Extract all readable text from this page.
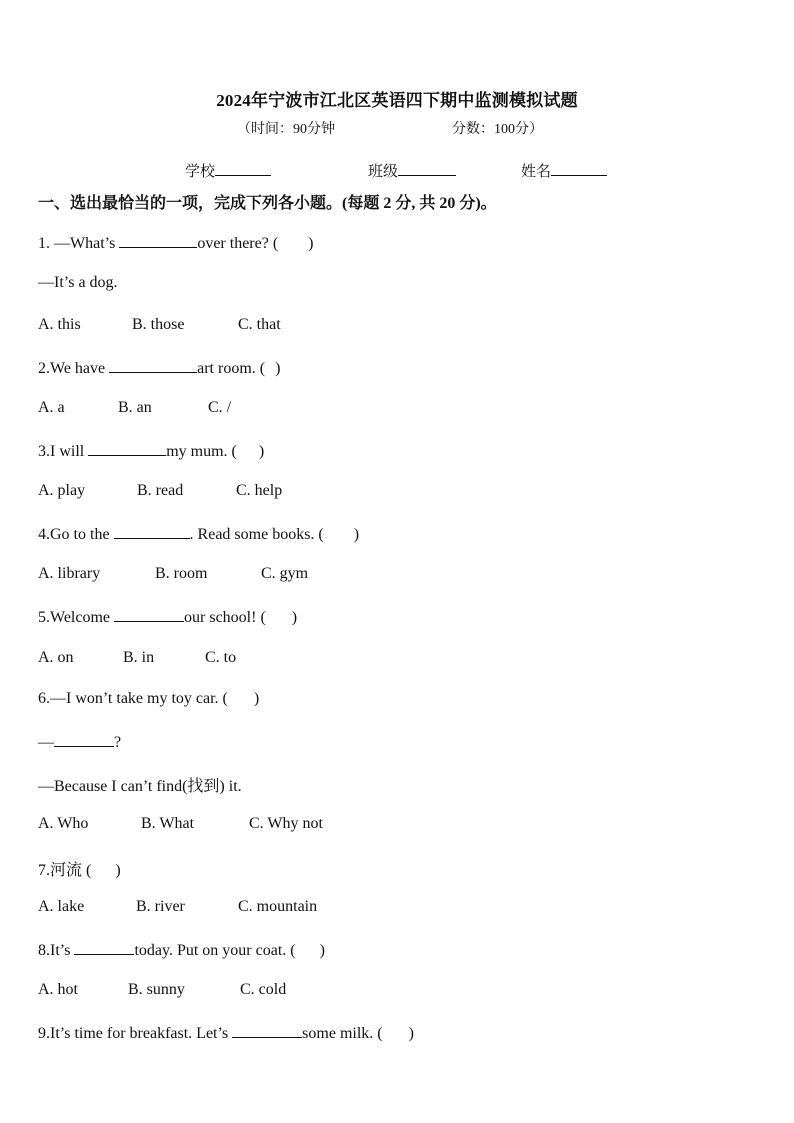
2024年宁波市江北区英语四下期中监测模拟试题
（时间：90分钟	分数：100分）
学校	班级	姓名
一、选出最恰当的一项，完成下列各小题。(每题 2 分, 共 20 分)。
1. —What’s	over there? ( )
—It’s a dog.
A. this	B. those	C. that
2.We have	art room. ( )
A. a	B. an	C. /
3.I will	my mum. ( )
A. play	B. read	C. help
4.Go to the	. Read some books. ( )
A. library	B. room	C. gym
5.Welcome	our school! ( )
A. on	B. in	C. to
6.—I won’t take my toy car. ( )
—	?
—Because I can’t find(找到) it.
A. Who	B. What	C. Why not
7.河流 ( )
A. lake	B. river	C. mountain
8.It’s	today. Put on your coat. ( )
A. hot	B. sunny	C. cold
9.It’s time for breakfast. Let’s	some milk. ( )
